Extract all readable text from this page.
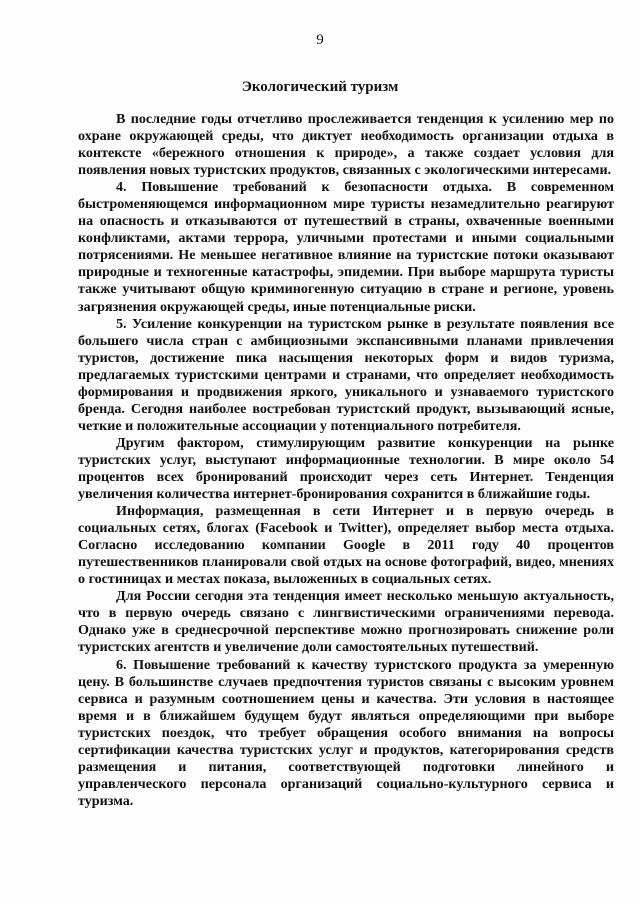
9
Экологический туризм

В последние годы отчетливо прослеживается тенденция к усилению мер по охране окружающей среды, что диктует необходимость организации отдыха в контексте «бережного отношения к природе», а также создает условия для появления новых туристских продуктов, связанных с экологическими интересами.

4. Повышение требований к безопасности отдыха. В современном быстроменяющемся информационном мире туристы незамедлительно реагируют на опасность и отказываются от путешествий в страны, охваченные военными конфликтами, актами террора, уличными протестами и иными социальными потрясениями. Не меньшее негативное влияние на туристские потоки оказывают природные и техногенные катастрофы, эпидемии. При выборе маршрута туристы также учитывают общую криминогенную ситуацию в стране и регионе, уровень загрязнения окружающей среды, иные потенциальные риски.

5. Усиление конкуренции на туристском рынке в результате появления все большего числа стран с амбициозными экспансивными планами привлечения туристов, достижение пика насыщения некоторых форм и видов туризма, предлагаемых туристскими центрами и странами, что определяет необходимость формирования и продвижения яркого, уникального и узнаваемого туристского бренда. Сегодня наиболее востребован туристский продукт, вызывающий ясные, четкие и положительные ассоциации у потенциального потребителя.

Другим фактором, стимулирующим развитие конкуренции на рынке туристских услуг, выступают информационные технологии. В мире около 54 процентов всех бронирований происходит через сеть Интернет. Тенденция увеличения количества интернет-бронирования сохранится в ближайшие годы.

Информация, размещенная в сети Интернет и в первую очередь в социальных сетях, блогах (Facebook и Twitter), определяет выбор места отдыха. Согласно исследованию компании Google в 2011 году 40 процентов путешественников планировали свой отдых на основе фотографий, видео, мнениях о гостиницах и местах показа, выложенных в социальных сетях.

Для России сегодня эта тенденция имеет несколько меньшую актуальность, что в первую очередь связано с лингвистическими ограничениями перевода. Однако уже в среднесрочной перспективе можно прогнозировать снижение роли туристских агентств и увеличение доли самостоятельных путешествий.

6. Повышение требований к качеству туристского продукта за умеренную цену. В большинстве случаев предпочтения туристов связаны с высоким уровнем сервиса и разумным соотношением цены и качества. Эти условия в настоящее время и в ближайшем будущем будут являться определяющими при выборе туристских поездок, что требует обращения особого внимания на вопросы сертификации качества туристских услуг и продуктов, категорирования средств размещения и питания, соответствующей подготовки линейного и управленческого персонала организаций социально-культурного сервиса и туризма.
